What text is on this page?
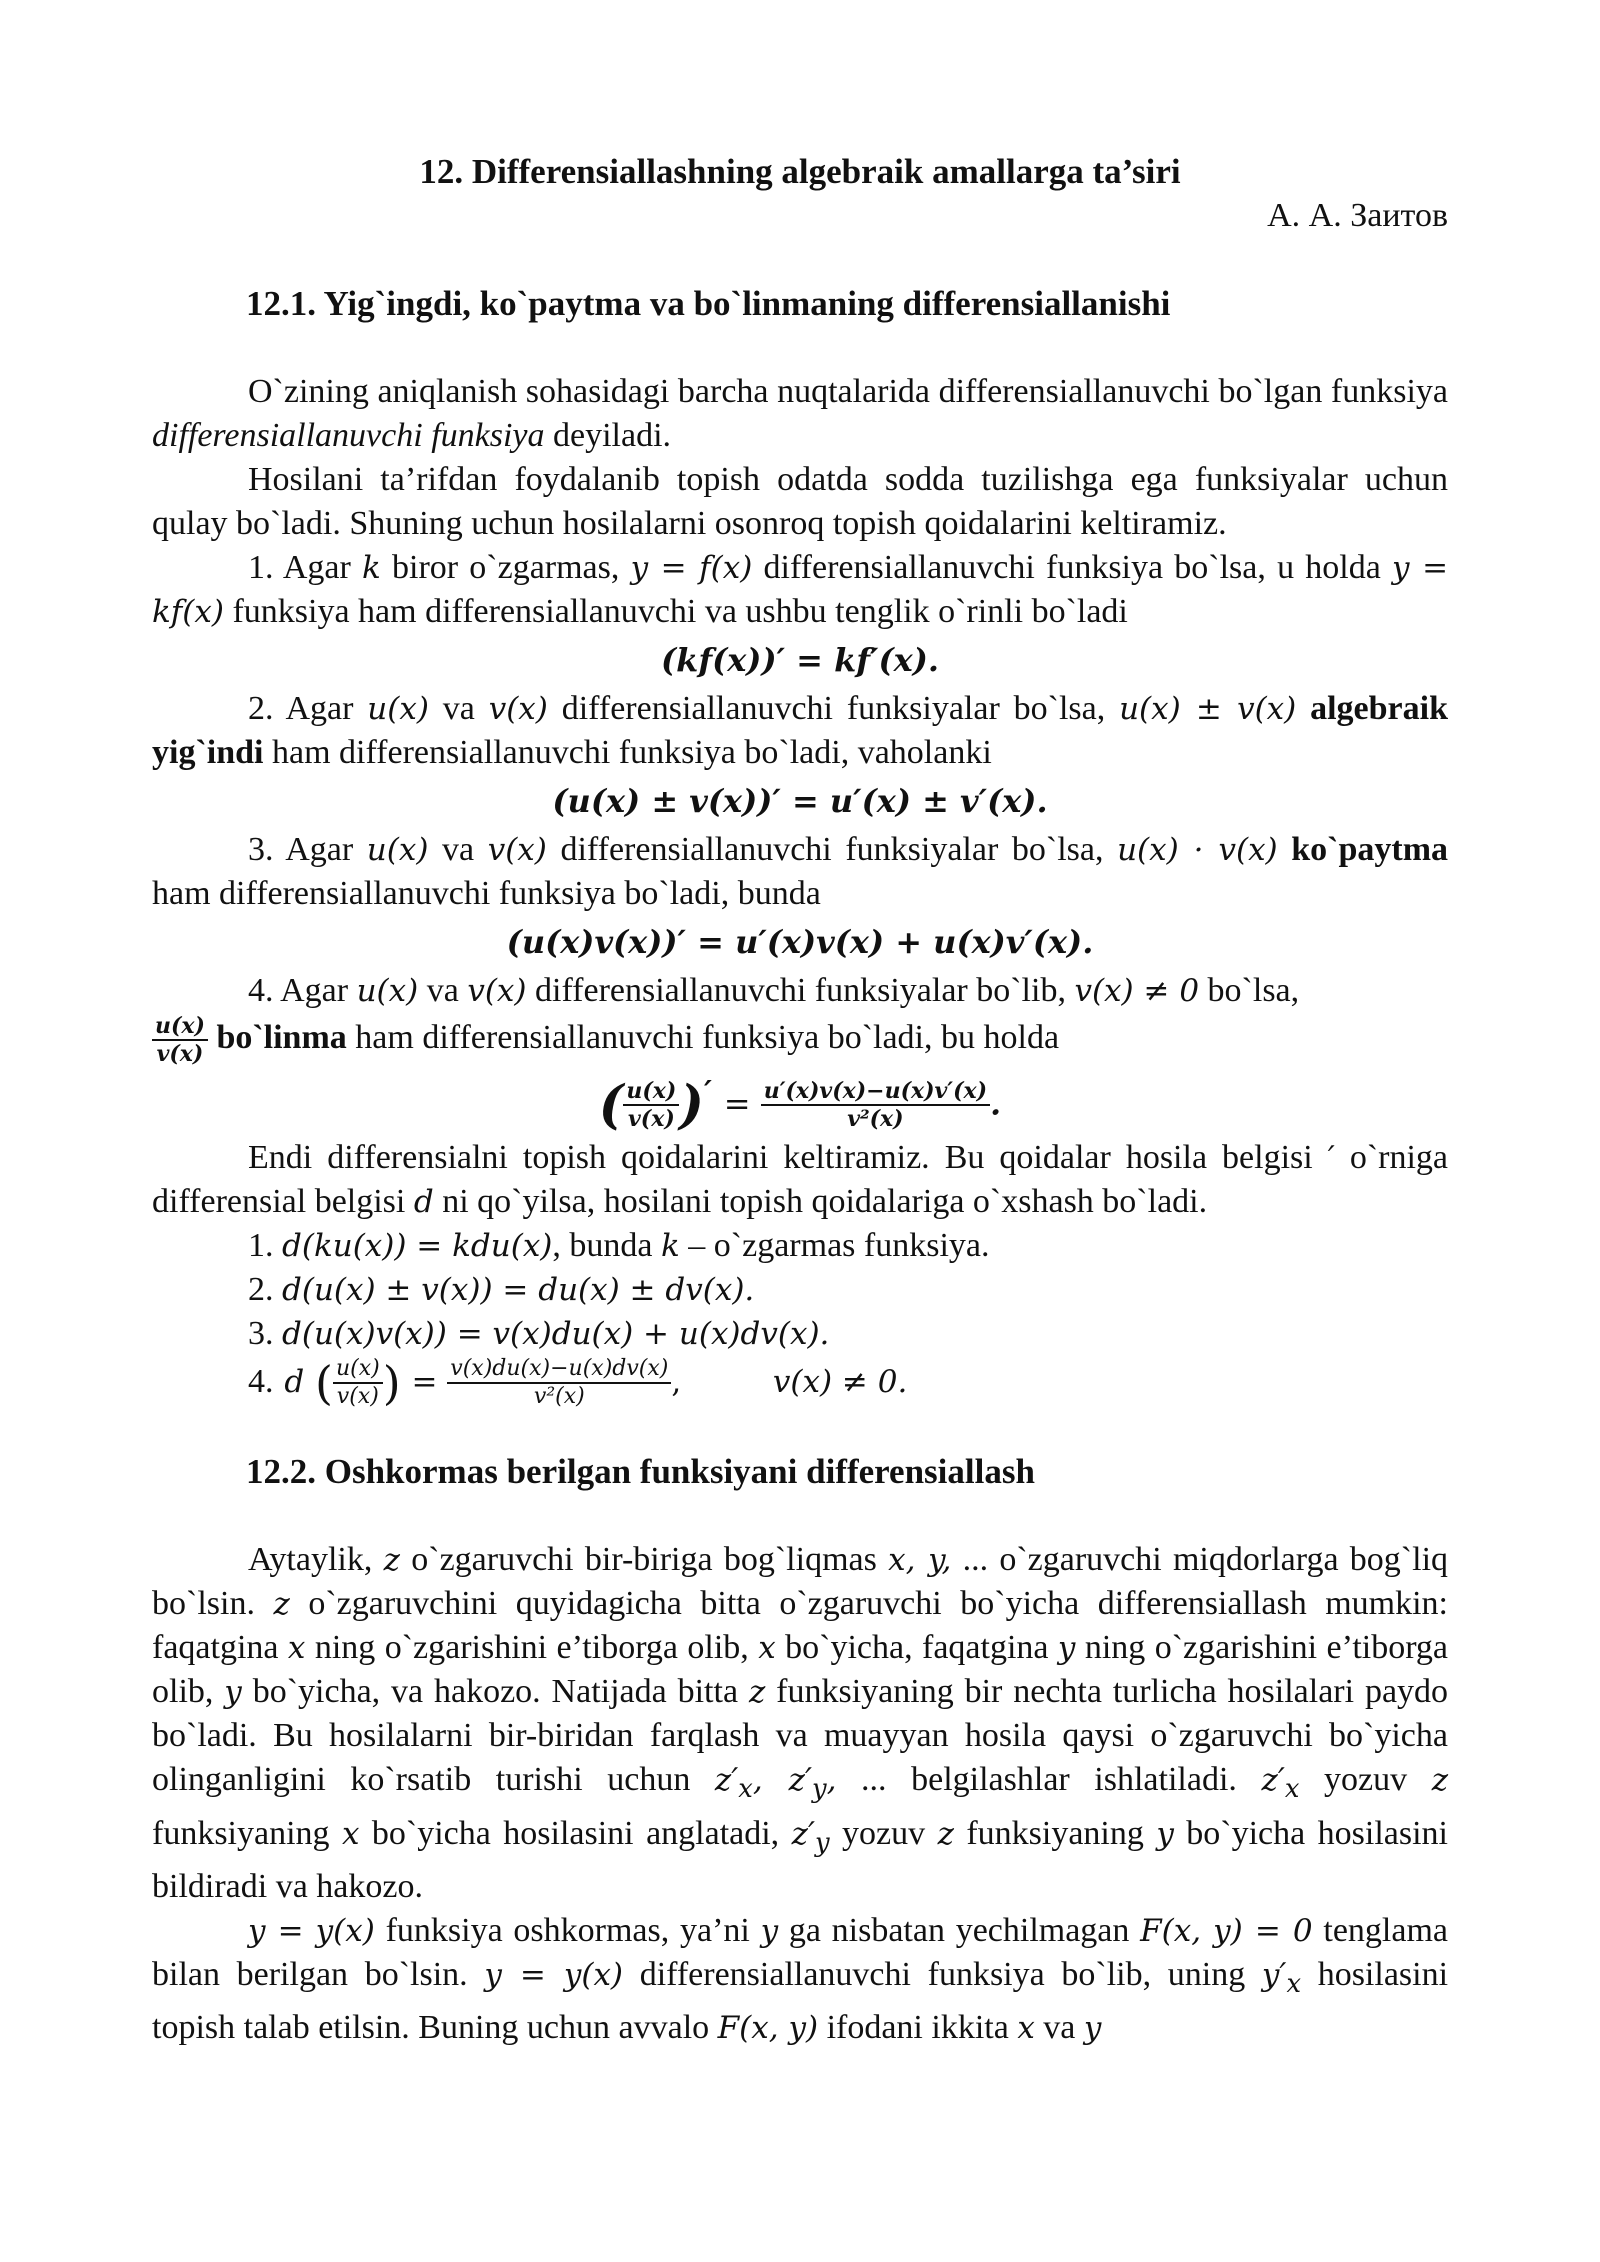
12. Differensiallashning algebraik amallarga ta’siri

А. А. Заитов

12.1. Yig`ingdi, ko`paytma va bo`linmaning differensiallanishi

O`zining aniqlanish sohasidagi barcha nuqtalarida differensiallanuvchi bo`lgan funksiya differensiallanuvchi funksiya deyiladi.

Hosilani ta’rifdan foydalanib topish odatda sodda tuzilishga ega funksiyalar uchun qulay bo`ladi. Shuning uchun hosilalarni osonroq topish qoidalarini keltiramiz.

1. Agar k biror o`zgarmas, y = f(x) differensiallanuvchi funksiya bo`lsa, u holda y = kf(x) funksiya ham differensiallanuvchi va ushbu tenglik o`rinli bo`ladi

(kf(x))′ = kf′(x).

2. Agar u(x) va v(x) differensiallanuvchi funksiyalar bo`lsa, u(x) ± v(x) algebraik yig`indi ham differensiallanuvchi funksiya bo`ladi, vaholanki

(u(x) ± v(x))′ = u′(x) ± v′(x).

3. Agar u(x) va v(x) differensiallanuvchi funksiyalar bo`lsa, u(x) · v(x) ko`paytma ham differensiallanuvchi funksiya bo`ladi, bunda

(u(x)v(x))′ = u′(x)v(x) + u(x)v′(x).

4. Agar u(x) va v(x) differensiallanuvchi funksiyalar bo`lib, v(x) ≠ 0 bo`lsa,

$\frac{u(x)}{v(x)}$ bo`linma ham differensiallanuvchi funksiya bo`ladi, bu holda

( $\frac{u(x)}{v(x)}$ )′ = $\frac{u'(x)v(x)-u(x)v'(x)}{\text{v²(x)}}$ .

Endi differensialni topish qoidalarini keltiramiz. Bu qoidalar hosila belgisi ′ o`rniga differensial belgisi d ni qo`yilsa, hosilani topish qoidalariga o`xshash bo`ladi.

1. d(ku(x)) = kdu(x), bunda k – o`zgarmas funksiya.

2. d(u(x) ± v(x)) = du(x) ± dv(x).

3. d(u(x)v(x)) = v(x)du(x) + u(x)dv(x).

4. d ( $\frac{u(x)}{v(x)}$ ) = $\frac{v(x)du(x)-u(x)dv(x)}{\text{v²(x)}}$ ,	v(x) ≠ 0.

12.2. Oshkormas berilgan funksiyani differensiallash

Aytaylik, z o`zgaruvchi bir-biriga bog`liqmas x, y, ... o`zgaruvchi miqdorlarga bog`liq bo`lsin. z o`zgaruvchini quyidagicha bitta o`zgaruvchi bo`yicha differensiallash mumkin: faqatgina x ning o`zgarishini e’tiborga olib, x bo`yicha, faqatgina y ning o`zgarishini e’tiborga olib, y bo`yicha, va hakozo. Natijada bitta z funksiyaning bir nechta turlicha hosilalari paydo bo`ladi. Bu hosilalarni bir-biridan farqlash va muayyan hosila qaysi o`zgaruvchi bo`yicha olinganligini ko`rsatib turishi uchun $z'_x$, $z'_y$, ... belgilashlar ishlatiladi. $z'_x$ yozuv z funksiyaning x bo`yicha hosilasini anglatadi, $z'_y$ yozuv z funksiyaning y bo`yicha hosilasini bildiradi va hakozo.

y = y(x) funksiya oshkormas, ya’ni y ga nisbatan yechilmagan F(x, y) = 0 tenglama bilan berilgan bo`lsin. y = y(x) differensiallanuvchi funksiya bo`lib, uning $y'_x$ hosilasini topish talab etilsin. Buning uchun avvalo F(x, y) ifodani ikkita x va y
